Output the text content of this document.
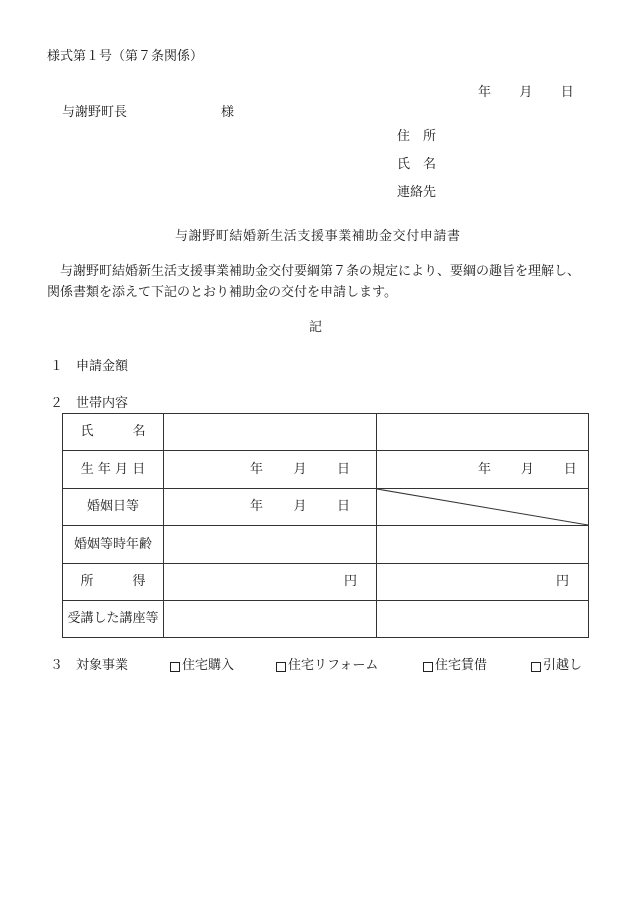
様式第１号（第７条関係）
年　　月　　日
与謝野町長	様
住　所
氏　名
連絡先
与謝野町結婚新生活支援事業補助金交付申請書
　与謝野町結婚新生活支援事業補助金交付要綱第７条の規定により、要綱の趣旨を理解し、
関係書類を添えて下記のとおり補助金の交付を申請します。
記
１　申請金額
２　世帯内容
氏　　　名
生 年 月 日	年　　月　　日	年　　月　　日
婚姻日等	年　　月　　日
婚姻等時年齢
所　　　得	円	円
受講した講座等
３　対象事業	住宅購入	住宅リフォーム	住宅賃借	引越し
